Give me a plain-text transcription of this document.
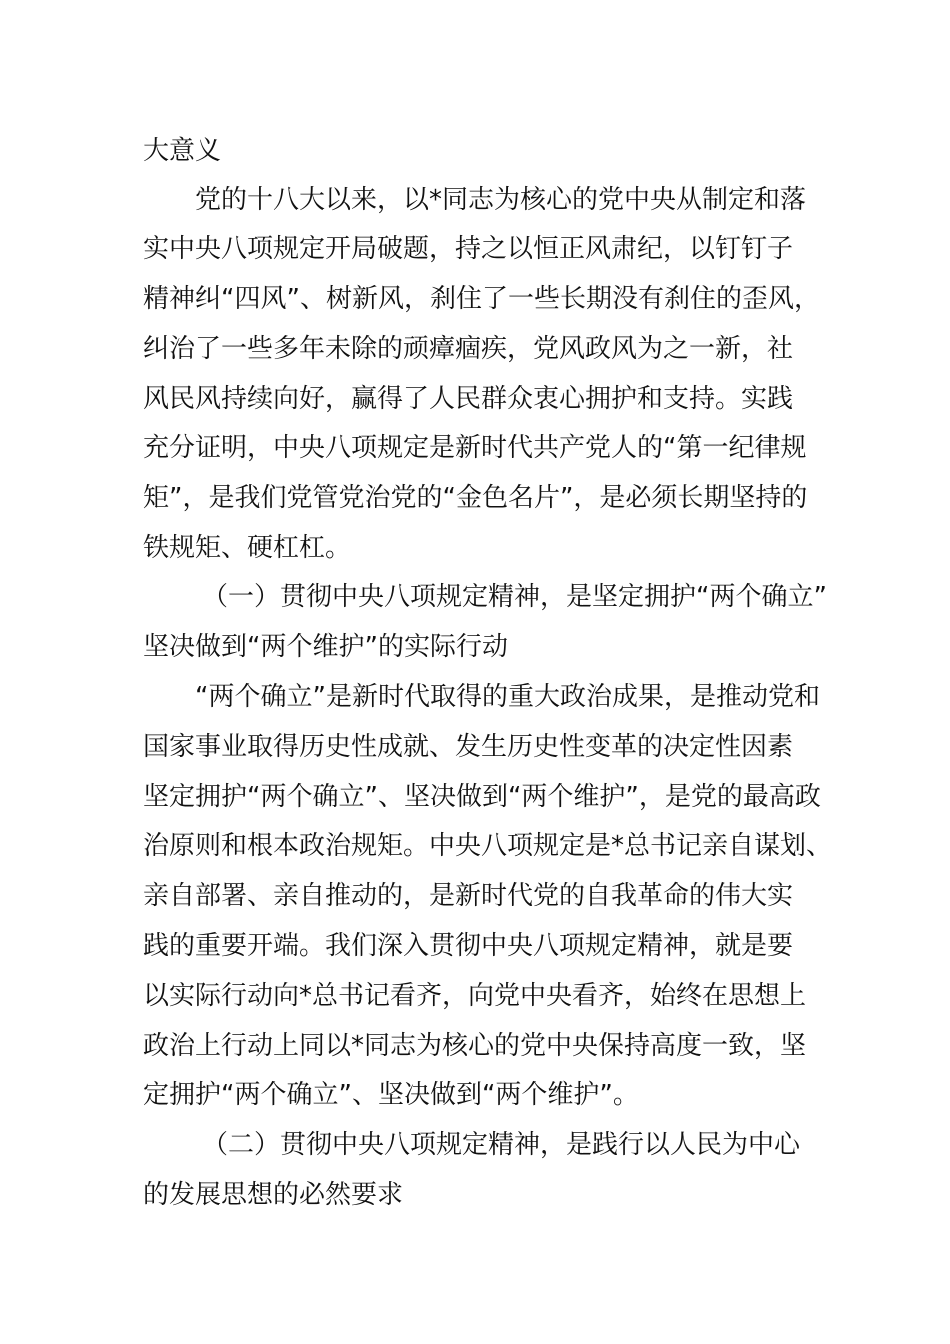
大意义
党的十八大以来，以*同志为核心的党中央从制定和落
实中央八项规定开局破题，持之以恒正风肃纪，以钉钉子
精神纠“四风”、树新风，刹住了一些长期没有刹住的歪风，
纠治了一些多年未除的顽瘴痼疾，党风政风为之一新，社
风民风持续向好，赢得了人民群众衷心拥护和支持。实践
充分证明，中央八项规定是新时代共产党人的“第一纪律规
矩”，是我们党管党治党的“金色名片”，是必须长期坚持的
铁规矩、硬杠杠。
（一）贯彻中央八项规定精神，是坚定拥护“两个确立”
坚决做到“两个维护”的实际行动
“两个确立”是新时代取得的重大政治成果，是推动党和
国家事业取得历史性成就、发生历史性变革的决定性因素
坚定拥护“两个确立”、坚决做到“两个维护”，是党的最高政
治原则和根本政治规矩。中央八项规定是*总书记亲自谋划、
亲自部署、亲自推动的，是新时代党的自我革命的伟大实
践的重要开端。我们深入贯彻中央八项规定精神，就是要
以实际行动向*总书记看齐，向党中央看齐，始终在思想上
政治上行动上同以*同志为核心的党中央保持高度一致，坚
定拥护“两个确立”、坚决做到“两个维护”。
（二）贯彻中央八项规定精神，是践行以人民为中心
的发展思想的必然要求
